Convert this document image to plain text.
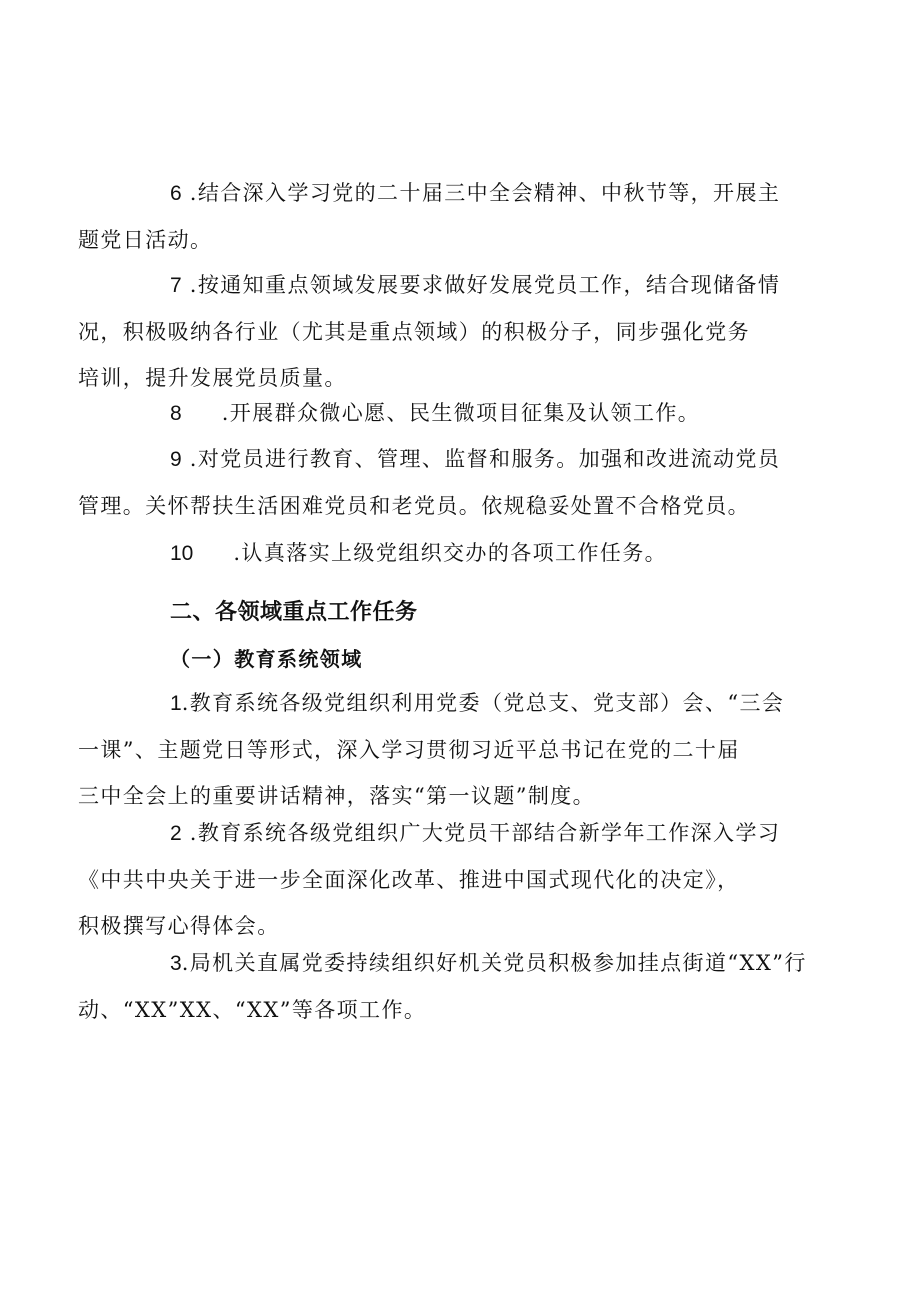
6 .结合深入学习党的二十届三中全会精神、中秋节等，开展主
题党日活动。
7 .按通知重点领域发展要求做好发展党员工作，结合现储备情
况，积极吸纳各行业（尤其是重点领域）的积极分子，同步强化党务
培训，提升发展党员质量。
8 .开展群众微心愿、民生微项目征集及认领工作。
9 .对党员进行教育、管理、监督和服务。加强和改进流动党员
管理。关怀帮扶生活困难党员和老党员。依规稳妥处置不合格党员。
10 .认真落实上级党组织交办的各项工作任务。
二、各领域重点工作任务
（一）教育系统领域
1.教育系统各级党组织利用党委（党总支、党支部）会、“三会
一课”、主题党日等形式，深入学习贯彻习近平总书记在党的二十届
三中全会上的重要讲话精神，落实“第一议题”制度。
2 .教育系统各级党组织广大党员干部结合新学年工作深入学习
《中共中央关于进一步全面深化改革、推进中国式现代化的决定》，
积极撰写心得体会。
3.局机关直属党委持续组织好机关党员积极参加挂点街道“XX”行
动、“XX”XX、“XX”等各项工作。
